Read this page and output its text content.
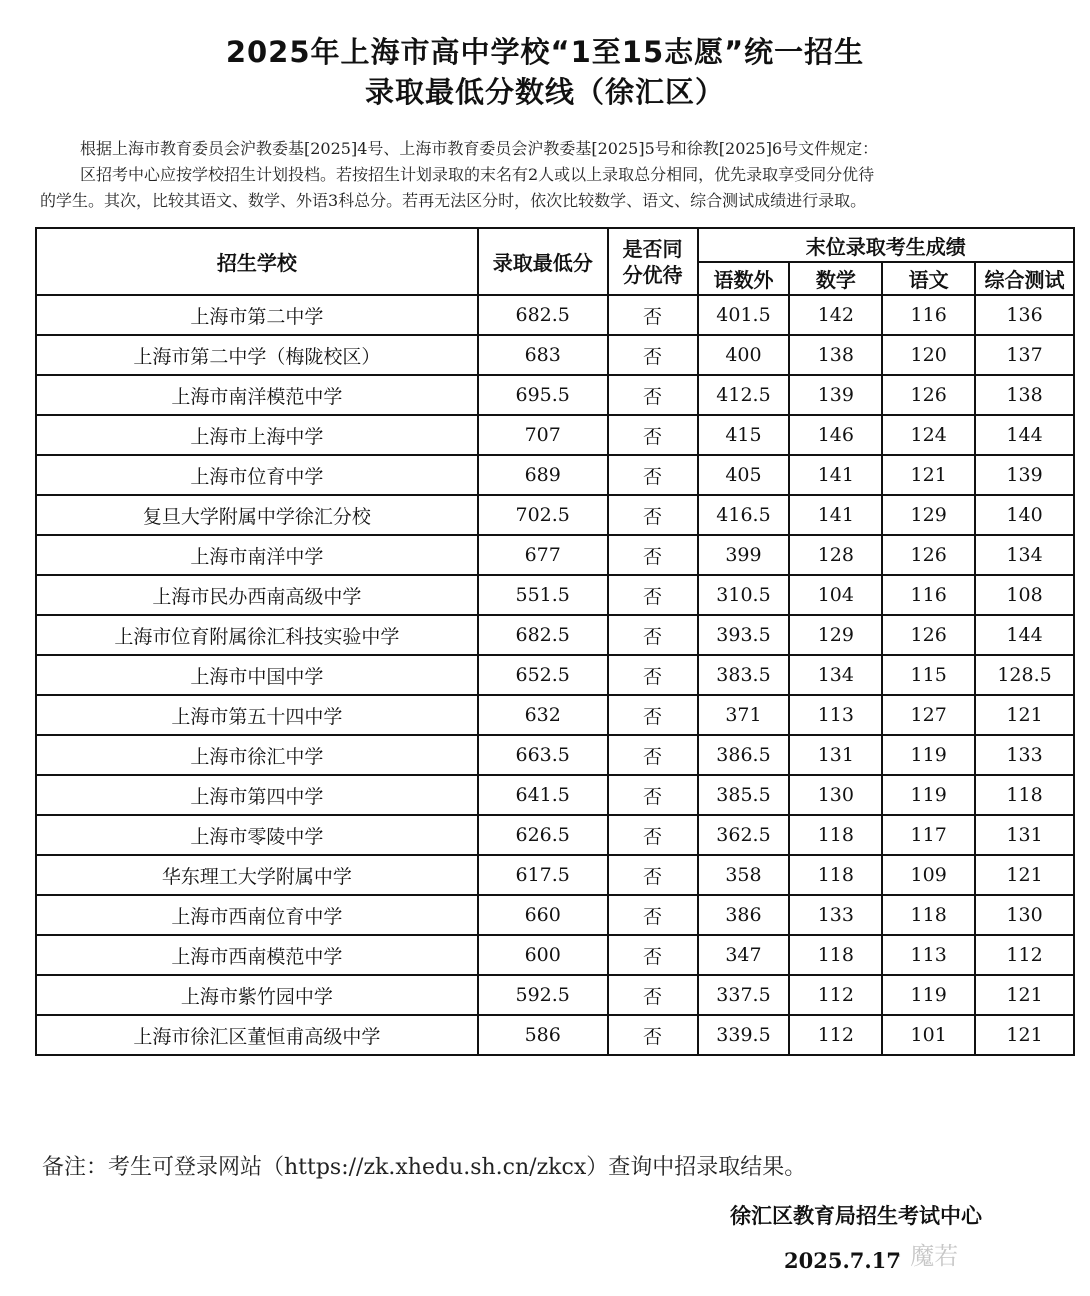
2025年上海市高中学校“1至15志愿”统一招生
录取最低分数线（徐汇区）
根据上海市教育委员会沪教委基[2025]4号、上海市教育委员会沪教委基[2025]5号和徐教[2025]6号文件规定：
区招考中心应按学校招生计划投档。若按招生计划录取的末名有2人或以上录取总分相同，优先录取享受同分优待
的学生。其次，比较其语文、数学、外语3科总分。若再无法区分时，依次比较数学、语文、综合测试成绩进行录取。
招生学校	录取最低分	是否同分优待	末位录取考生成绩			
			语数外	数学	语文	综合测试
上海市第二中学	682.5	否	401.5	142	116	136
上海市第二中学（梅陇校区）	683	否	400	138	120	137
上海市南洋模范中学	695.5	否	412.5	139	126	138
上海市上海中学	707	否	415	146	124	144
上海市位育中学	689	否	405	141	121	139
复旦大学附属中学徐汇分校	702.5	否	416.5	141	129	140
上海市南洋中学	677	否	399	128	126	134
上海市民办西南高级中学	551.5	否	310.5	104	116	108
上海市位育附属徐汇科技实验中学	682.5	否	393.5	129	126	144
上海市中国中学	652.5	否	383.5	134	115	128.5
上海市第五十四中学	632	否	371	113	127	121
上海市徐汇中学	663.5	否	386.5	131	119	133
上海市第四中学	641.5	否	385.5	130	119	118
上海市零陵中学	626.5	否	362.5	118	117	131
华东理工大学附属中学	617.5	否	358	118	109	121
上海市西南位育中学	660	否	386	133	118	130
上海市西南模范中学	600	否	347	118	113	112
上海市紫竹园中学	592.5	否	337.5	112	119	121
上海市徐汇区董恒甫高级中学	586	否	339.5	112	101	121
备注：考生可登录网站（https://zk.xhedu.sh.cn/zkcx）查询中招录取结果。
徐汇区教育局招生考试中心
· 魔若
2025.7.17
